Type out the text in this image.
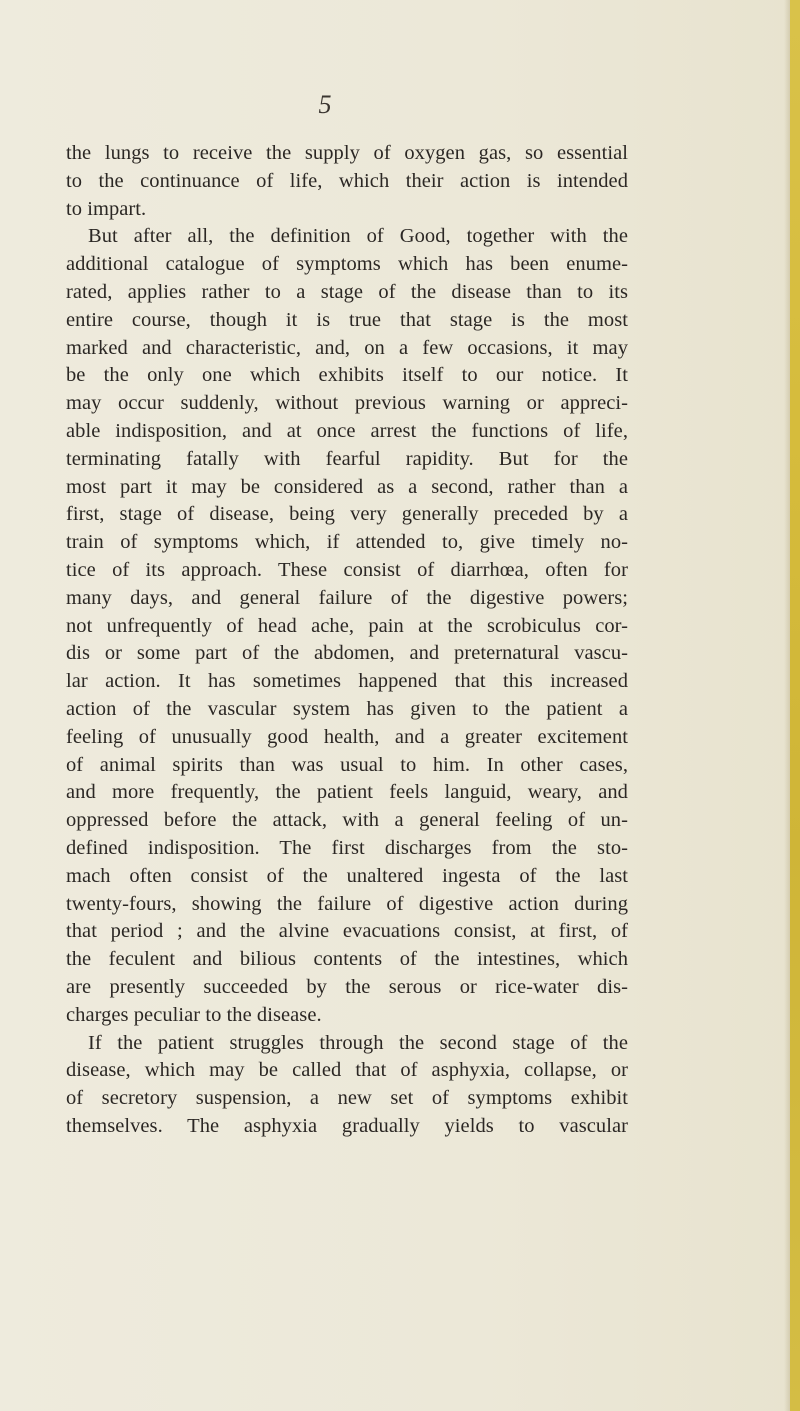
5
the lungs to receive the supply of oxygen gas, so essential
to the continuance of life, which their action is intended
to impart.
But after all, the definition of Good, together with the
additional catalogue of symptoms which has been enume-
rated, applies rather to a stage of the disease than to its
entire course, though it is true that stage is the most
marked and characteristic, and, on a few occasions, it may
be the only one which exhibits itself to our notice. It
may occur suddenly, without previous warning or appreci-
able indisposition, and at once arrest the functions of life,
terminating fatally with fearful rapidity. But for the
most part it may be considered as a second, rather than a
first, stage of disease, being very generally preceded by a
train of symptoms which, if attended to, give timely no-
tice of its approach. These consist of diarrhœa, often for
many days, and general failure of the digestive powers;
not unfrequently of head ache, pain at the scrobiculus cor-
dis or some part of the abdomen, and preternatural vascu-
lar action. It has sometimes happened that this increased
action of the vascular system has given to the patient a
feeling of unusually good health, and a greater excitement
of animal spirits than was usual to him. In other cases,
and more frequently, the patient feels languid, weary, and
oppressed before the attack, with a general feeling of un-
defined indisposition. The first discharges from the sto-
mach often consist of the unaltered ingesta of the last
twenty-fours, showing the failure of digestive action during
that period ; and the alvine evacuations consist, at first, of
the feculent and bilious contents of the intestines, which
are presently succeeded by the serous or rice-water dis-
charges peculiar to the disease.
If the patient struggles through the second stage of the
disease, which may be called that of asphyxia, collapse, or
of secretory suspension, a new set of symptoms exhibit
themselves. The asphyxia gradually yields to vascular
